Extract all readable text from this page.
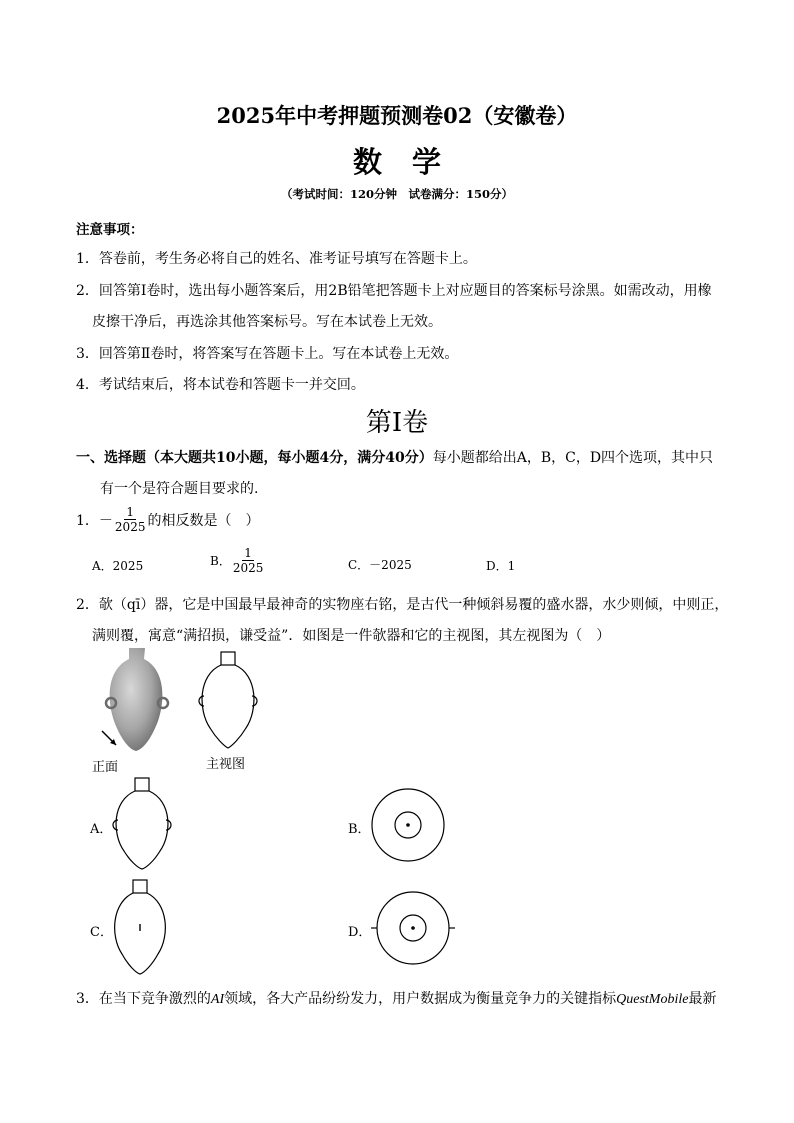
2025年中考押题预测卷02（安徽卷）
数学
（考试时间：120分钟　试卷满分：150分）
注意事项：
1．答卷前，考生务必将自己的姓名、准考证号填写在答题卡上。
2．回答第Ⅰ卷时，选出每小题答案后，用2B铅笔把答题卡上对应题目的答案标号涂黑。如需改动，用橡
皮擦干净后，再选涂其他答案标号。写在本试卷上无效。
3．回答第Ⅱ卷时，将答案写在答题卡上。写在本试卷上无效。
4．考试结束后，将本试卷和答题卡一并交回。
第Ⅰ卷
一、选择题（本大题共10小题，每小题4分，满分40分）每小题都给出A，B，C，D四个选项，其中只
有一个是符合题目要求的.
1． － $\frac{1}{2025}$ 的相反数是（　）
A．2025	B． $\frac{1}{2025}$	C．－2025	D．1
2．欹（qī）器，它是中国最早最神奇的实物座右铭，是古代一种倾斜易覆的盛水器，水少则倾，中则正，
满则覆，寓意“满招损，谦受益”．如图是一件欹器和它的主视图，其左视图为（　）
正面	主视图
A．	B．
C．	D．
3．在当下竞争激烈的AI领域，各大产品纷纷发力，用户数据成为衡量竞争力的关键指标QuestMobile最新
